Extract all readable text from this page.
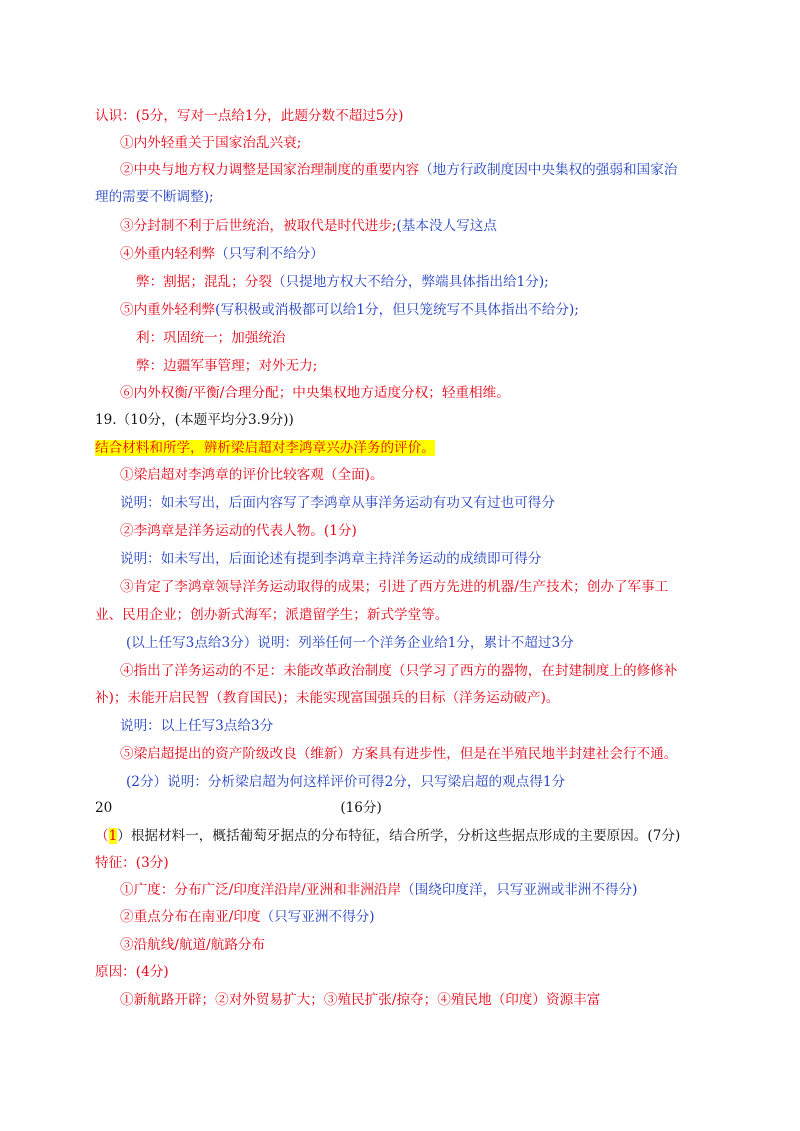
认识：(5分，写对一点给1分，此题分数不超过5分)
①内外轻重关于国家治乱兴衰;
②中央与地方权力调整是国家治理制度的重要内容（地方行政制度因中央集权的强弱和国家治
理的需要不断调整);
③分封制不利于后世统治，被取代是时代进步;(基本没人写这点
④外重内轻利弊（只写利不给分）
弊：割据；混乱；分裂（只提地方权大不给分，弊端具体指出给1分);
⑤内重外轻利弊(写积极或消极都可以给1分，但只笼统写不具体指出不给分);
利：巩固统一；加强统治
弊：边疆军事管理；对外无力;
⑥内外权衡/平衡/合理分配；中央集权地方适度分权；轻重相维。
19.（10分，(本题平均分3.9分))
结合材料和所学，辨析梁启超对李鸿章兴办洋务的评价。
①梁启超对李鸿章的评价比较客观（全面)。
说明：如未写出，后面内容写了李鸿章从事洋务运动有功又有过也可得分
②李鸿章是洋务运动的代表人物。(1分)
说明：如未写出，后面论述有提到李鸿章主持洋务运动的成绩即可得分
③肯定了李鸿章领导洋务运动取得的成果；引进了西方先进的机器/生产技术；创办了军事工
业、民用企业；创办新式海军；派遣留学生；新式学堂等。
(以上任写3点给3分）说明：列举任何一个洋务企业给1分，累计不超过3分
④指出了洋务运动的不足：未能改革政治制度（只学习了西方的器物，在封建制度上的修修补
补)；未能开启民智（教育国民)；未能实现富国强兵的目标（洋务运动破产)。
说明：以上任写3点给3分
⑤梁启超提出的资产阶级改良（维新）方案具有进步性，但是在半殖民地半封建社会行不通。
(2分）说明：分析梁启超为何这样评价可得2分，只写梁启超的观点得1分
20	(16分)
（1）根据材料一，概括葡萄牙据点的分布特征，结合所学，分析这些据点形成的主要原因。(7分)
特征：(3分)
①广度：分布广泛/印度洋沿岸/亚洲和非洲沿岸（围绕印度洋，只写亚洲或非洲不得分)
②重点分布在南亚/印度（只写亚洲不得分)
③沿航线/航道/航路分布
原因：(4分)
①新航路开辟；②对外贸易扩大；③殖民扩张/掠夺；④殖民地（印度）资源丰富
